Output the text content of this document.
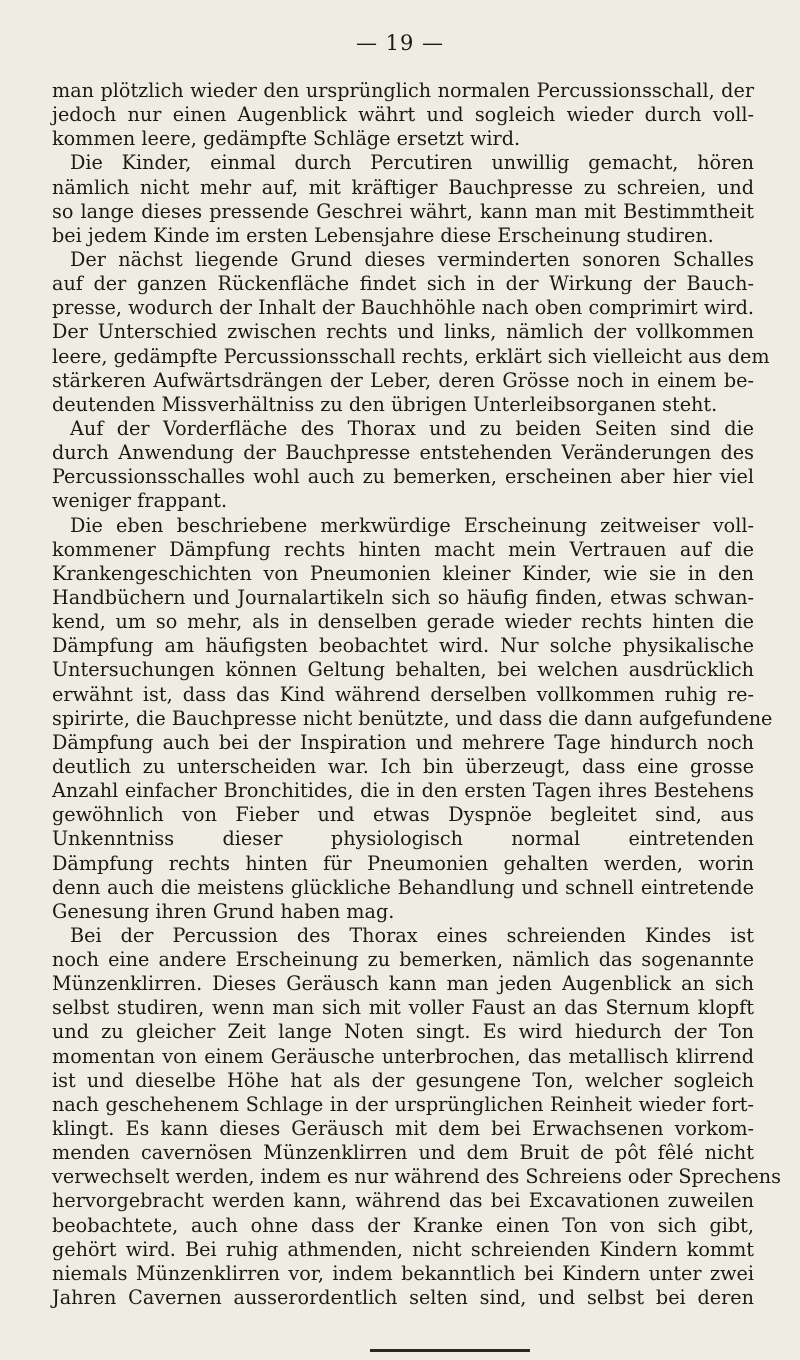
— 19 —
man plötzlich wieder den ursprünglich normalen Percussionsschall, der
jedoch nur einen Augenblick währt und sogleich wieder durch voll-
kommen leere, gedämpfte Schläge ersetzt wird.
Die Kinder, einmal durch Percutiren unwillig gemacht, hören
nämlich nicht mehr auf, mit kräftiger Bauchpresse zu schreien, und
so lange dieses pressende Geschrei währt, kann man mit Bestimmtheit
bei jedem Kinde im ersten Lebensjahre diese Erscheinung studiren.
Der nächst liegende Grund dieses verminderten sonoren Schalles
auf der ganzen Rückenfläche findet sich in der Wirkung der Bauch-
presse, wodurch der Inhalt der Bauchhöhle nach oben comprimirt wird.
Der Unterschied zwischen rechts und links, nämlich der vollkommen
leere, gedämpfte Percussionsschall rechts, erklärt sich vielleicht aus dem
stärkeren Aufwärtsdrängen der Leber, deren Grösse noch in einem be-
deutenden Missverhältniss zu den übrigen Unterleibsorganen steht.
Auf der Vorderfläche des Thorax und zu beiden Seiten sind die
durch Anwendung der Bauchpresse entstehenden Veränderungen des
Percussionsschalles wohl auch zu bemerken, erscheinen aber hier viel
weniger frappant.
Die eben beschriebene merkwürdige Erscheinung zeitweiser voll-
kommener Dämpfung rechts hinten macht mein Vertrauen auf die
Krankengeschichten von Pneumonien kleiner Kinder, wie sie in den
Handbüchern und Journalartikeln sich so häufig finden, etwas schwan-
kend, um so mehr, als in denselben gerade wieder rechts hinten die
Dämpfung am häufigsten beobachtet wird. Nur solche physikalische
Untersuchungen können Geltung behalten, bei welchen ausdrücklich
erwähnt ist, dass das Kind während derselben vollkommen ruhig re-
spirirte, die Bauchpresse nicht benützte, und dass die dann aufgefundene
Dämpfung auch bei der Inspiration und mehrere Tage hindurch noch
deutlich zu unterscheiden war. Ich bin überzeugt, dass eine grosse
Anzahl einfacher Bronchitides, die in den ersten Tagen ihres Bestehens
gewöhnlich von Fieber und etwas Dyspnöe begleitet sind, aus
Unkenntniss dieser physiologisch normal eintretenden
Dämpfung rechts hinten für Pneumonien gehalten werden, worin
denn auch die meistens glückliche Behandlung und schnell eintretende
Genesung ihren Grund haben mag.
Bei der Percussion des Thorax eines schreienden Kindes ist
noch eine andere Erscheinung zu bemerken, nämlich das sogenannte
Münzenklirren. Dieses Geräusch kann man jeden Augenblick an sich
selbst studiren, wenn man sich mit voller Faust an das Sternum klopft
und zu gleicher Zeit lange Noten singt. Es wird hiedurch der Ton
momentan von einem Geräusche unterbrochen, das metallisch klirrend
ist und dieselbe Höhe hat als der gesungene Ton, welcher sogleich
nach geschehenem Schlage in der ursprünglichen Reinheit wieder fort-
klingt. Es kann dieses Geräusch mit dem bei Erwachsenen vorkom-
menden cavernösen Münzenklirren und dem Bruit de pôt fêlé nicht
verwechselt werden, indem es nur während des Schreiens oder Sprechens
hervorgebracht werden kann, während das bei Excavationen zuweilen
beobachtete, auch ohne dass der Kranke einen Ton von sich gibt,
gehört wird. Bei ruhig athmenden, nicht schreienden Kindern kommt
niemals Münzenklirren vor, indem bekanntlich bei Kindern unter zwei
Jahren Cavernen ausserordentlich selten sind, und selbst bei deren
